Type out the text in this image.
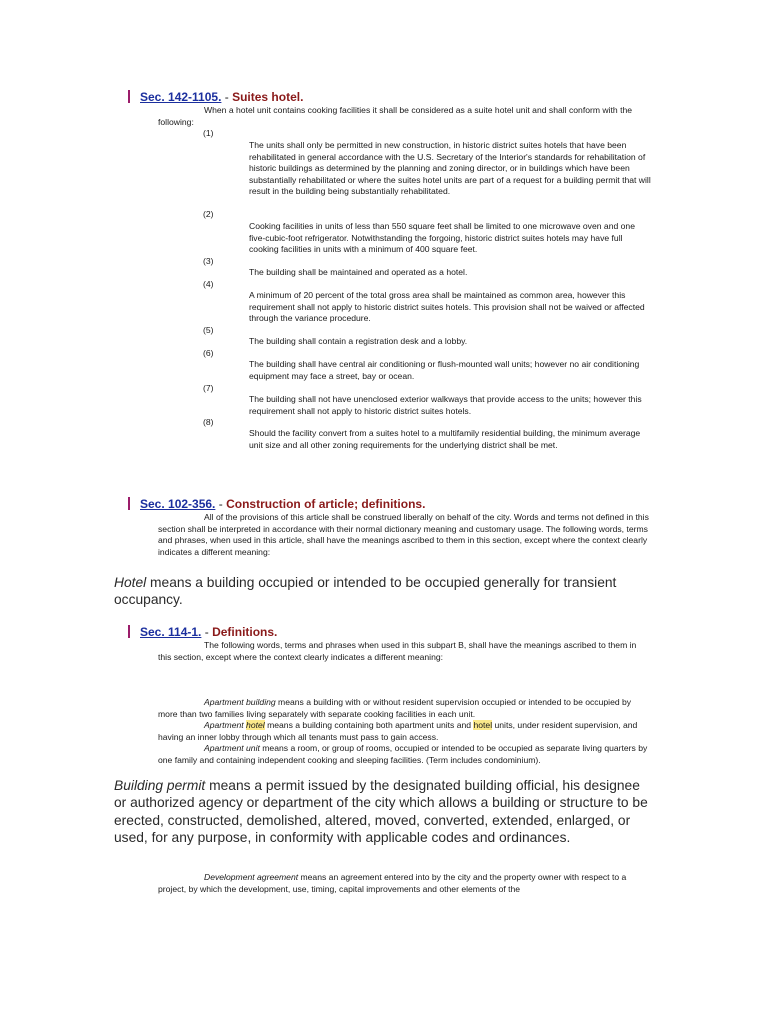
Sec. 142-1105. - Suites hotel.
When a hotel unit contains cooking facilities it shall be considered as a suite hotel unit and shall conform with the following:
(1)
The units shall only be permitted in new construction, in historic district suites hotels that have been rehabilitated in general accordance with the U.S. Secretary of the Interior's standards for rehabilitation of historic buildings as determined by the planning and zoning director, or in buildings which have been substantially rehabilitated or where the suites hotel units are part of a request for a building permit that will result in the building being substantially rehabilitated.
(2)
Cooking facilities in units of less than 550 square feet shall be limited to one microwave oven and one five-cubic-foot refrigerator. Notwithstanding the forgoing, historic district suites hotels may have full cooking facilities in units with a minimum of 400 square feet.
(3)
The building shall be maintained and operated as a hotel.
(4)
A minimum of 20 percent of the total gross area shall be maintained as common area, however this requirement shall not apply to historic district suites hotels. This provision shall not be waived or affected through the variance procedure.
(5)
The building shall contain a registration desk and a lobby.
(6)
The building shall have central air conditioning or flush-mounted wall units; however no air conditioning equipment may face a street, bay or ocean.
(7)
The building shall not have unenclosed exterior walkways that provide access to the units; however this requirement shall not apply to historic district suites hotels.
(8)
Should the facility convert from a suites hotel to a multifamily residential building, the minimum average unit size and all other zoning requirements for the underlying district shall be met.
Sec. 102-356. - Construction of article; definitions.
All of the provisions of this article shall be construed liberally on behalf of the city. Words and terms not defined in this section shall be interpreted in accordance with their normal dictionary meaning and customary usage. The following words, terms and phrases, when used in this article, shall have the meanings ascribed to them in this section, except where the context clearly indicates a different meaning:
Hotel means a building occupied or intended to be occupied generally for transient occupancy.
Sec. 114-1. - Definitions.
The following words, terms and phrases when used in this subpart B, shall have the meanings ascribed to them in this section, except where the context clearly indicates a different meaning:
Apartment building means a building with or without resident supervision occupied or intended to be occupied by more than two families living separately with separate cooking facilities in each unit.
Apartment hotel means a building containing both apartment units and hotel units, under resident supervision, and having an inner lobby through which all tenants must pass to gain access.
Apartment unit means a room, or group of rooms, occupied or intended to be occupied as separate living quarters by one family and containing independent cooking and sleeping facilities. (Term includes condominium).
Building permit means a permit issued by the designated building official, his designee or authorized agency or department of the city which allows a building or structure to be erected, constructed, demolished, altered, moved, converted, extended, enlarged, or used, for any purpose, in conformity with applicable codes and ordinances.
Development agreement means an agreement entered into by the city and the property owner with respect to a project, by which the development, use, timing, capital improvements and other elements of the
